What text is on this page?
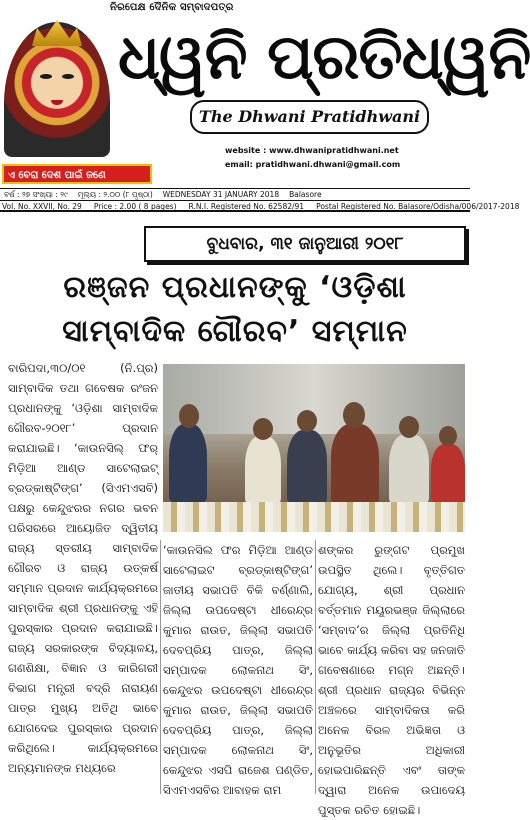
ନିରପେକ୍ଷ ଦୈନିକ ସମ୍ବାଦପତ୍ର
ଧ୍ୱନି ପ୍ରତିଧ୍ୱନି
The Dhwani Pratidhwani
website : www.dhwanipratidhwani.net
email: pratidhwani.dhwani@gmail.com
ଏ ବେରା ଦେଶ ପାଇଁ ଜଣେ
ବର୍ଷ : ୨୭ ସଂଖ୍ୟା : ୨୯ ମୂଲ୍ୟ : ୨.୦୦ (୮ ପୃଷ୍ଠା) WEDNESDAY 31 JANUARY 2018 Balasore
Vol. No. XXVII, No. 29 Price : 2.00 ( 8 pages) R.N.I. Registered No. 62582/91 Postal Registered No. Balasore/Odisha/006/2017-2018
ବୁଧବାର, ୩୧ ଜାନୁଆରୀ ୨୦୧୮
ରଞ୍ଜନ ପ୍ରଧାନଙ୍କୁ ‘ଓଡ଼ିଶା ସାମ୍ବାଦିକ ଗୌରବ’ ସମ୍ମାନ
ବାରିପଦା,୩୦/୦୧ (ନି.ପ୍ର) ସାମ୍ବାଦିକ ତଥା ଗବେଷକ ରଂଜନ ପ୍ରଧାନଙ୍କୁ ‘ଓଡ଼ିଶା ସାମ୍ବାଦିକ ଗୌରବ-୨୦୧୮’ ପ୍ରଦାନ କରାଯାଇଛି। ‘କାଉନସିଲ୍ ଫର୍ ମିଡ଼ିଆ ଆଣ୍ଡ ସାଟେଲାଇଟ୍ ବ୍ରଡ୍‌କାଷ୍ଟିଙ୍ଗ’ (ସିଏମଏସବି) ପକ୍ଷରୁ କେନ୍ଦୁଝରର ନଗର ଭବନ ପରିସରରେ ଆୟୋଜିତ ଦ୍ୱିତୀୟ ରାଜ୍ୟ ସ୍ତରୀୟ ସାମ୍ବାଦିକ ଗୌରବ ଓ ରାଜ୍ୟ ଉତ୍କର୍ଷ ସମ୍ମାନ ପ୍ରଦାନ କାର୍ଯ୍ୟକ୍ରମରେ ସାମ୍ବାଦିକ ଶ୍ରୀ ପ୍ରଧାନଙ୍କୁ ଏହି ପୁରସ୍କାର ପ୍ରଦାନ କରାଯାଇଛି। ରାଜ୍ୟ ସରକାରଙ୍କ ବିଦ୍ୟାଳୟ, ଗଣଶିକ୍ଷା, ବିଜ୍ଞାନ ଓ କାରିଗରୀ ବିଭାଗ ମନ୍ତ୍ରୀ ବଦ୍ରି ନାରାୟଣ ପାତ୍ର ମୁଖ୍ୟ ଅତିଥି ଭାବେ ଯୋଗଦେଇ ପୁରସ୍କାର ପ୍ରଦାନ କରିଥିଲେ। କାର୍ଯ୍ୟକ୍ରମରେ ଅନ୍ୟମାନଙ୍କ ମଧ୍ୟରେ
‘କାଉନସିଲ ଫର ମିଡ଼ିଆ ଆଣ୍ଡ ସାଟେଲାଇଟ ବ୍ରଡ୍‌କାଷ୍ଟିଙ୍ଗ’ ଜାତୀୟ ସଭାପତି ବିକି ବର୍ଣ୍ଣାଲି, ଜିଲ୍ଲା ଉପଦେଷ୍ଟା ଧୀରେନ୍ଦ୍ର କୁମାର ରାଉତ, ଜିଲ୍ଲା ସଭାପତି ଦେବପ୍ରିୟ ପାତ୍ର, ଜିଲ୍ଲା ସମ୍ପାଦକ ଲୋକନାଥ ସିଂ, କେନ୍ଦୁଝର ଉପଦେଷ୍ଟା ଧୀରେନ୍ଦ୍ର କୁମାର ରାଉତ, ଜିଲ୍ଲା ସଭାପତି ଦେବପ୍ରିୟ ପାତ୍ର, ଜିଲ୍ଲା ସମ୍ପାଦକ ଲୋକନାଥ ସିଂ, କେନ୍ଦୁଝର ଏସପି ରାଜେଶ ପଣ୍ଡିତ, ସିଏମଏସବିର ଆବାହକ ରାମ
ଶଙ୍କର ରୁଙ୍ଗଟ ପ୍ରମୁଖ ଉପସ୍ଥିତ ଥିଲେ। ବୃତ୍ତିଗତ ଯୋଗ୍ୟ, ଶ୍ରୀ ପ୍ରଧାନ ବର୍ତ୍ତମାନ ମୟୂରଭଞ୍ଜ ଜିଲ୍ଲାରେ ‘ସମ୍ବାଦ’ର ଜିଲ୍ଲା ପ୍ରତିନିଧି ଭାବେ କାର୍ଯ୍ୟ କରିବା ସହ ଜନଜାତି ଗବେଷଣାରେ ମଗ୍ନ ଅଛନ୍ତି। ଶ୍ରୀ ପ୍ରଧାନ ରାଜ୍ୟର ବିଭିନ୍ନ ଅଞ୍ଚଳରେ ସାମ୍ବାଦିକତା କରି ଅନେକ ବିରଳ ଅଭିଜ୍ଞତା ଓ ଅନୁଭୂତିର ଅଧିକାରୀ ହୋଇପାରିଛନ୍ତି ଏବଂ ତାଙ୍କ ଦ୍ୱାରା ଅନେକ ଉପାଦେୟ ପୁସ୍ତକ ରଚିତ ହୋଇଛି।
